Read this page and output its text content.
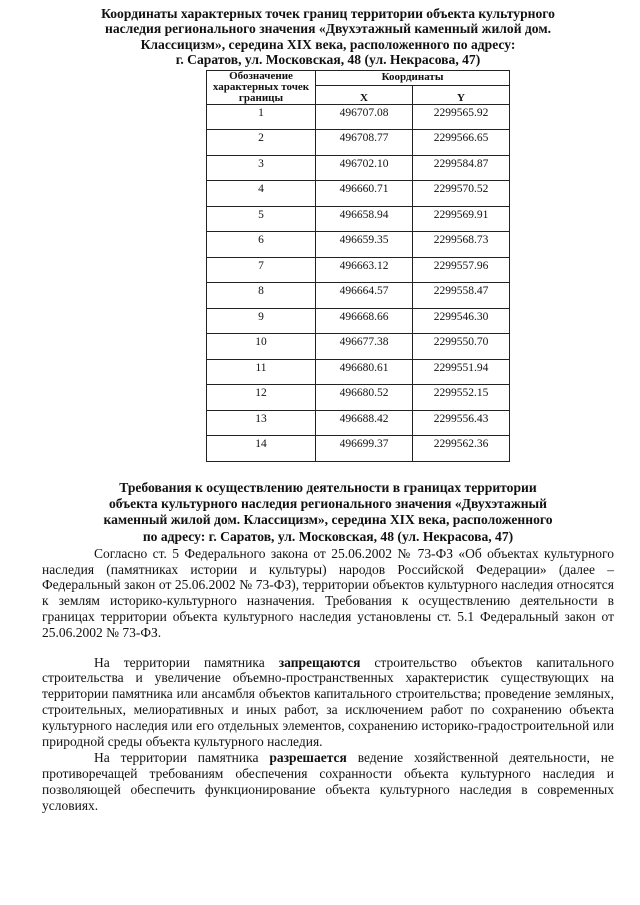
Координаты характерных точек границ территории объекта культурного
наследия регионального значения «Двухэтажный каменный жилой дом.
Классицизм», середина XIX века, расположенного по адресу:
г. Саратов, ул. Московская, 48 (ул. Некрасова, 47)
Обозначение характерных точек границы	Координаты	
	X	Y
1	496707.08	2299565.92
2	496708.77	2299566.65
3	496702.10	2299584.87
4	496660.71	2299570.52
5	496658.94	2299569.91
6	496659.35	2299568.73
7	496663.12	2299557.96
8	496664.57	2299558.47
9	496668.66	2299546.30
10	496677.38	2299550.70
11	496680.61	2299551.94
12	496680.52	2299552.15
13	496688.42	2299556.43
14	496699.37	2299562.36
Требования к осуществлению деятельности в границах территории
объекта культурного наследия регионального значения «Двухэтажный
каменный жилой дом. Классицизм», середина XIX века, расположенного
по адресу: г. Саратов, ул. Московская, 48 (ул. Некрасова, 47)

Согласно ст. 5 Федерального закона от 25.06.2002 № 73-ФЗ «Об объектах культурного наследия (памятниках истории и культуры) народов Российской Федерации» (далее – Федеральный закон от 25.06.2002 № 73-ФЗ), территории объектов культурного наследия относятся к землям историко-культурного назначения. Требования к осуществлению деятельности в границах территории объекта культурного наследия установлены ст. 5.1 Федеральный закон от 25.06.2002 № 73-ФЗ.

На территории памятника запрещаются строительство объектов капитального строительства и увеличение объемно-пространственных характеристик существующих на территории памятника или ансамбля объектов капитального строительства; проведение земляных, строительных, мелиоративных и иных работ, за исключением работ по сохранению объекта культурного наследия или его отдельных элементов, сохранению историко-градостроительной или природной среды объекта культурного наследия.

На территории памятника разрешается ведение хозяйственной деятельности, не противоречащей требованиям обеспечения сохранности объекта культурного наследия и позволяющей обеспечить функционирование объекта культурного наследия в современных условиях.
